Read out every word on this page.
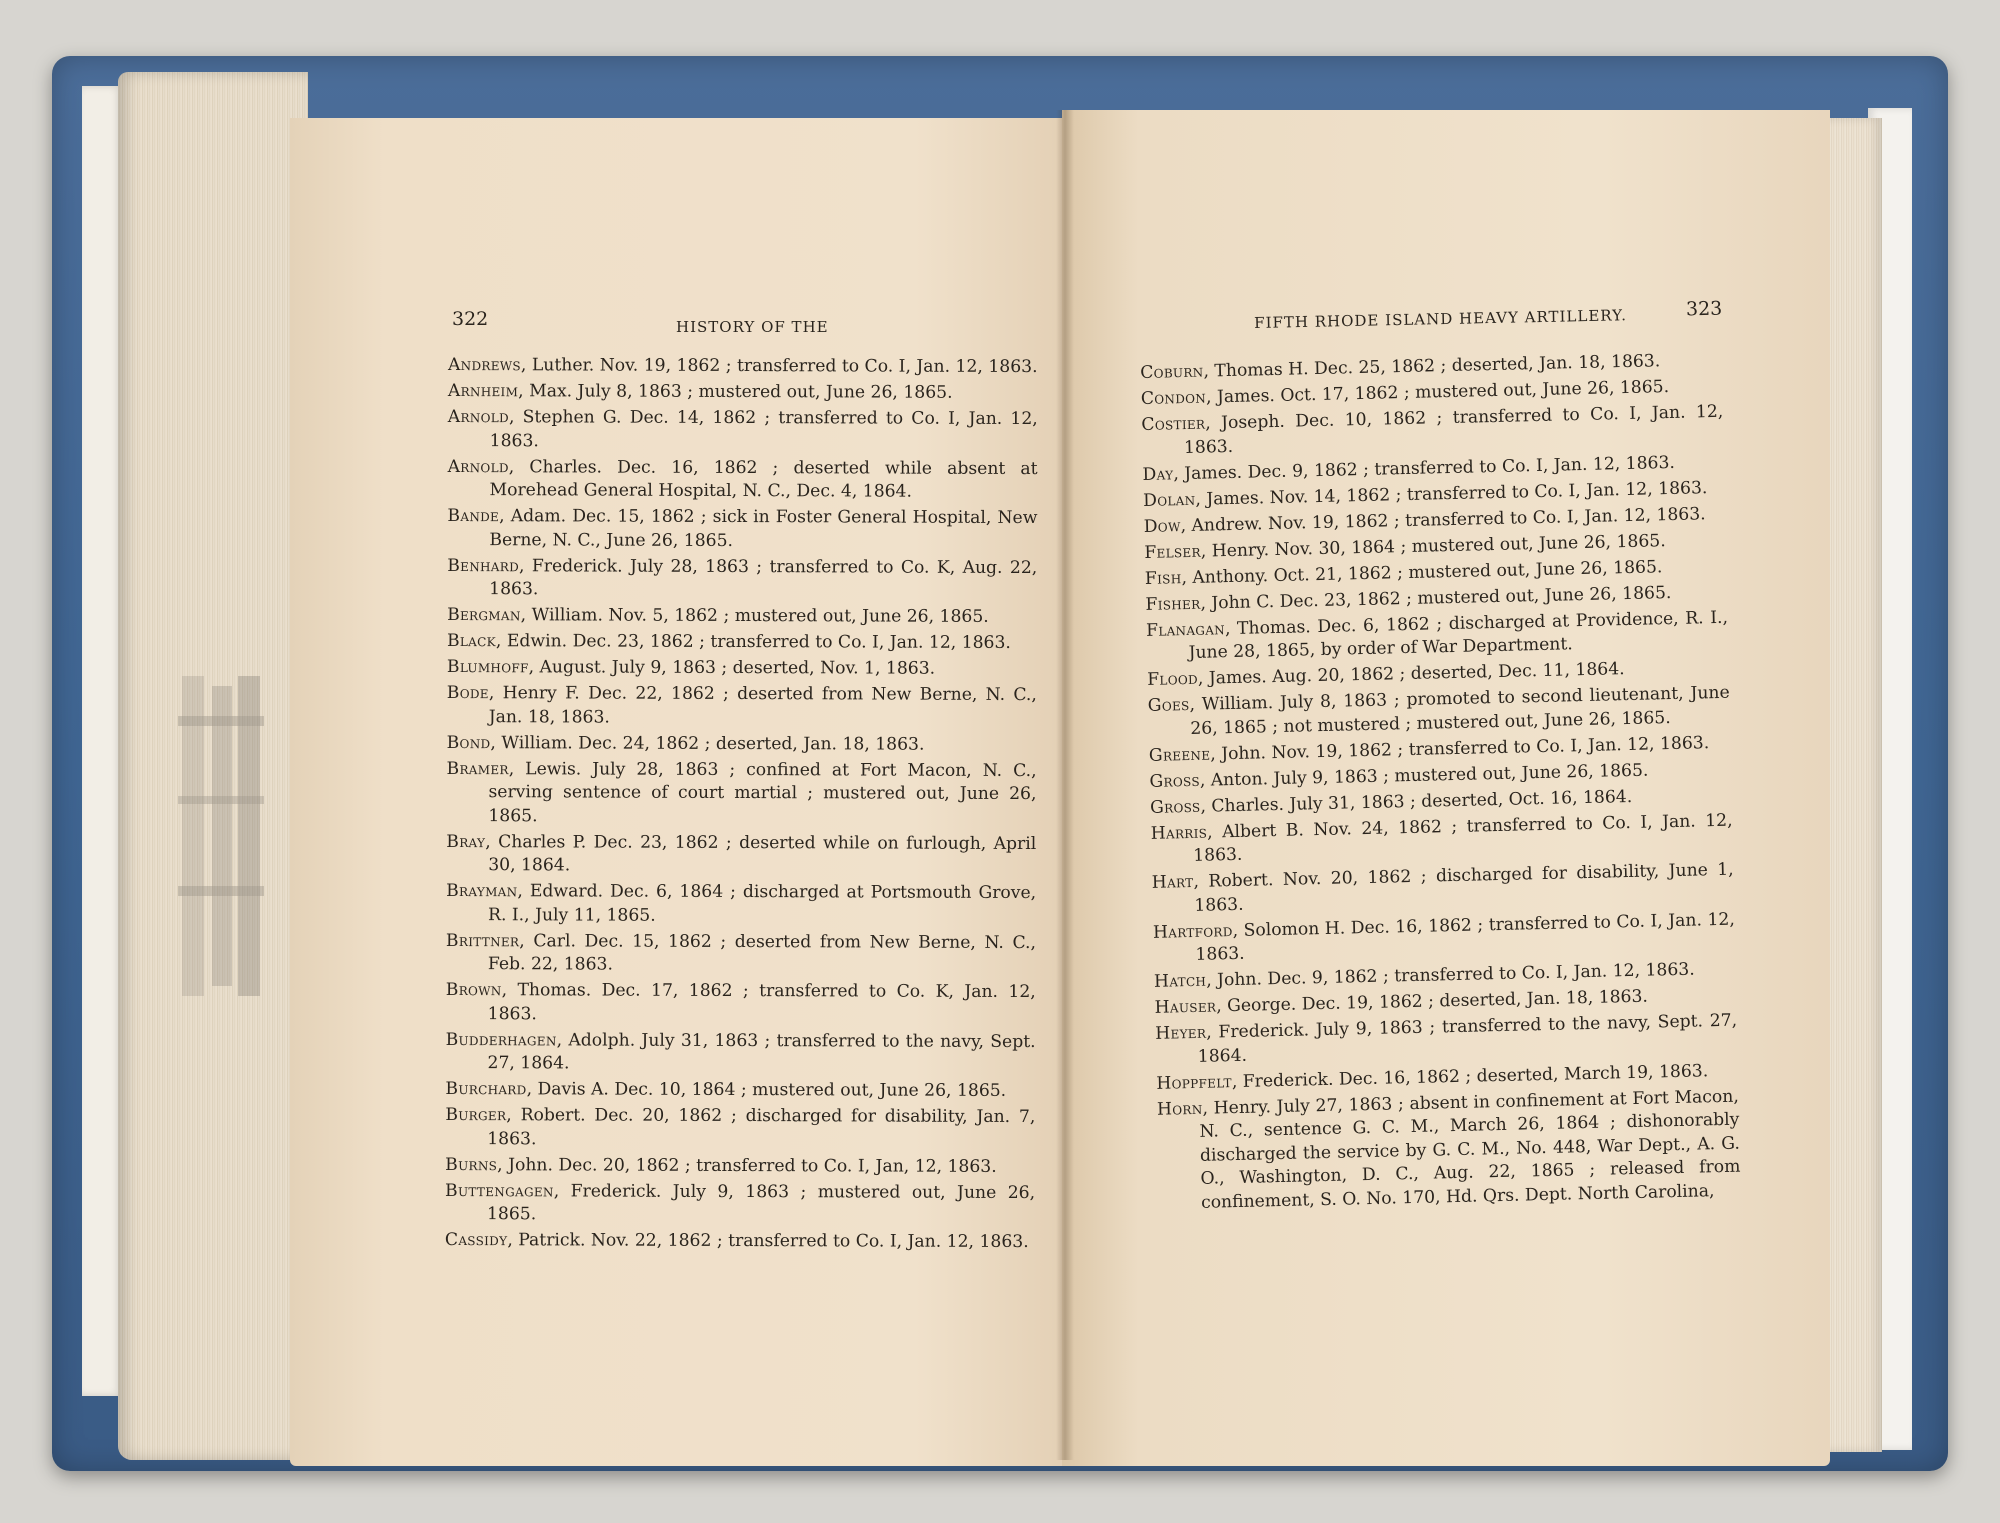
322	HISTORY OF THE	FIFTH RHODE ISLAND HEAVY ARTILLERY.	323

Andrews, Luther. Nov. 19, 1862 ; transferred to Co. I, Jan. 12, 1863.

Arnheim, Max. July 8, 1863 ; mustered out, June 26, 1865.

Arnold, Stephen G. Dec. 14, 1862 ; transferred to Co. I, Jan. 12, 1863.

Arnold, Charles. Dec. 16, 1862 ; deserted while absent at Morehead General Hospital, N. C., Dec. 4, 1864.

Bande, Adam. Dec. 15, 1862 ; sick in Foster General Hospital, New Berne, N. C., June 26, 1865.

Benhard, Frederick. July 28, 1863 ; transferred to Co. K, Aug. 22, 1863.

Bergman, William. Nov. 5, 1862 ; mustered out, June 26, 1865.

Black, Edwin. Dec. 23, 1862 ; transferred to Co. I, Jan. 12, 1863.

Blumhoff, August. July 9, 1863 ; deserted, Nov. 1, 1863.

Bode, Henry F. Dec. 22, 1862 ; deserted from New Berne, N. C., Jan. 18, 1863.

Bond, William. Dec. 24, 1862 ; deserted, Jan. 18, 1863.

Bramer, Lewis. July 28, 1863 ; confined at Fort Macon, N. C., serving sentence of court martial ; mustered out, June 26, 1865.

Bray, Charles P. Dec. 23, 1862 ; deserted while on furlough, April 30, 1864.

Brayman, Edward. Dec. 6, 1864 ; discharged at Portsmouth Grove, R. I., July 11, 1865.

Brittner, Carl. Dec. 15, 1862 ; deserted from New Berne, N. C., Feb. 22, 1863.

Brown, Thomas. Dec. 17, 1862 ; transferred to Co. K, Jan. 12, 1863.

Budderhagen, Adolph. July 31, 1863 ; transferred to the navy, Sept. 27, 1864.

Burchard, Davis A. Dec. 10, 1864 ; mustered out, June 26, 1865.

Burger, Robert. Dec. 20, 1862 ; discharged for disability, Jan. 7, 1863.

Burns, John. Dec. 20, 1862 ; transferred to Co. I, Jan, 12, 1863.

Buttengagen, Frederick. July 9, 1863 ; mustered out, June 26, 1865.

Cassidy, Patrick. Nov. 22, 1862 ; transferred to Co. I, Jan. 12, 1863.

Coburn, Thomas H. Dec. 25, 1862 ; deserted, Jan. 18, 1863.

Condon, James. Oct. 17, 1862 ; mustered out, June 26, 1865.

Costier, Joseph. Dec. 10, 1862 ; transferred to Co. I, Jan. 12, 1863.

Day, James. Dec. 9, 1862 ; transferred to Co. I, Jan. 12, 1863.

Dolan, James. Nov. 14, 1862 ; transferred to Co. I, Jan. 12, 1863.

Dow, Andrew. Nov. 19, 1862 ; transferred to Co. I, Jan. 12, 1863.

Felser, Henry. Nov. 30, 1864 ; mustered out, June 26, 1865.

Fish, Anthony. Oct. 21, 1862 ; mustered out, June 26, 1865.

Fisher, John C. Dec. 23, 1862 ; mustered out, June 26, 1865.

Flanagan, Thomas. Dec. 6, 1862 ; discharged at Providence, R. I., June 28, 1865, by order of War Department.

Flood, James. Aug. 20, 1862 ; deserted, Dec. 11, 1864.

Goes, William. July 8, 1863 ; promoted to second lieutenant, June 26, 1865 ; not mustered ; mustered out, June 26, 1865.

Greene, John. Nov. 19, 1862 ; transferred to Co. I, Jan. 12, 1863.

Gross, Anton. July 9, 1863 ; mustered out, June 26, 1865.

Gross, Charles. July 31, 1863 ; deserted, Oct. 16, 1864.

Harris, Albert B. Nov. 24, 1862 ; transferred to Co. I, Jan. 12, 1863.

Hart, Robert. Nov. 20, 1862 ; discharged for disability, June 1, 1863.

Hartford, Solomon H. Dec. 16, 1862 ; transferred to Co. I, Jan. 12, 1863.

Hatch, John. Dec. 9, 1862 ; transferred to Co. I, Jan. 12, 1863.

Hauser, George. Dec. 19, 1862 ; deserted, Jan. 18, 1863.

Heyer, Frederick. July 9, 1863 ; transferred to the navy, Sept. 27, 1864.

Hoppfelt, Frederick. Dec. 16, 1862 ; deserted, March 19, 1863.

Horn, Henry. July 27, 1863 ; absent in confinement at Fort Macon, N. C., sentence G. C. M., March 26, 1864 ; dishonorably discharged the service by G. C. M., No. 448, War Dept., A. G. O., Washington, D. C., Aug. 22, 1865 ; released from confinement, S. O. No. 170, Hd. Qrs. Dept. North Carolina,
